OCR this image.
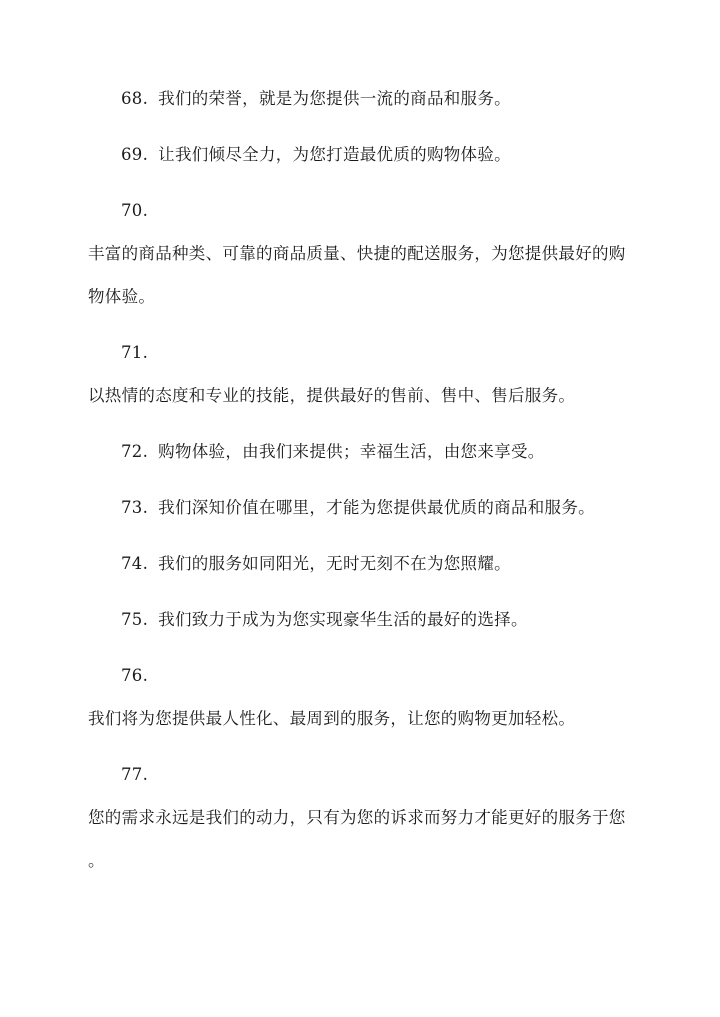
68. 我们的荣誉，就是为您提供一流的商品和服务。
69. 让我们倾尽全力，为您打造最优质的购物体验。
70.
丰富的商品种类、可靠的商品质量、快捷的配送服务，为您提供最好的购
物体验。
71.
以热情的态度和专业的技能，提供最好的售前、售中、售后服务。
72. 购物体验，由我们来提供；幸福生活，由您来享受。
73. 我们深知价值在哪里，才能为您提供最优质的商品和服务。
74. 我们的服务如同阳光，无时无刻不在为您照耀。
75. 我们致力于成为为您实现豪华生活的最好的选择。
76.
我们将为您提供最人性化、最周到的服务，让您的购物更加轻松。
77.
您的需求永远是我们的动力，只有为您的诉求而努力才能更好的服务于您
。
